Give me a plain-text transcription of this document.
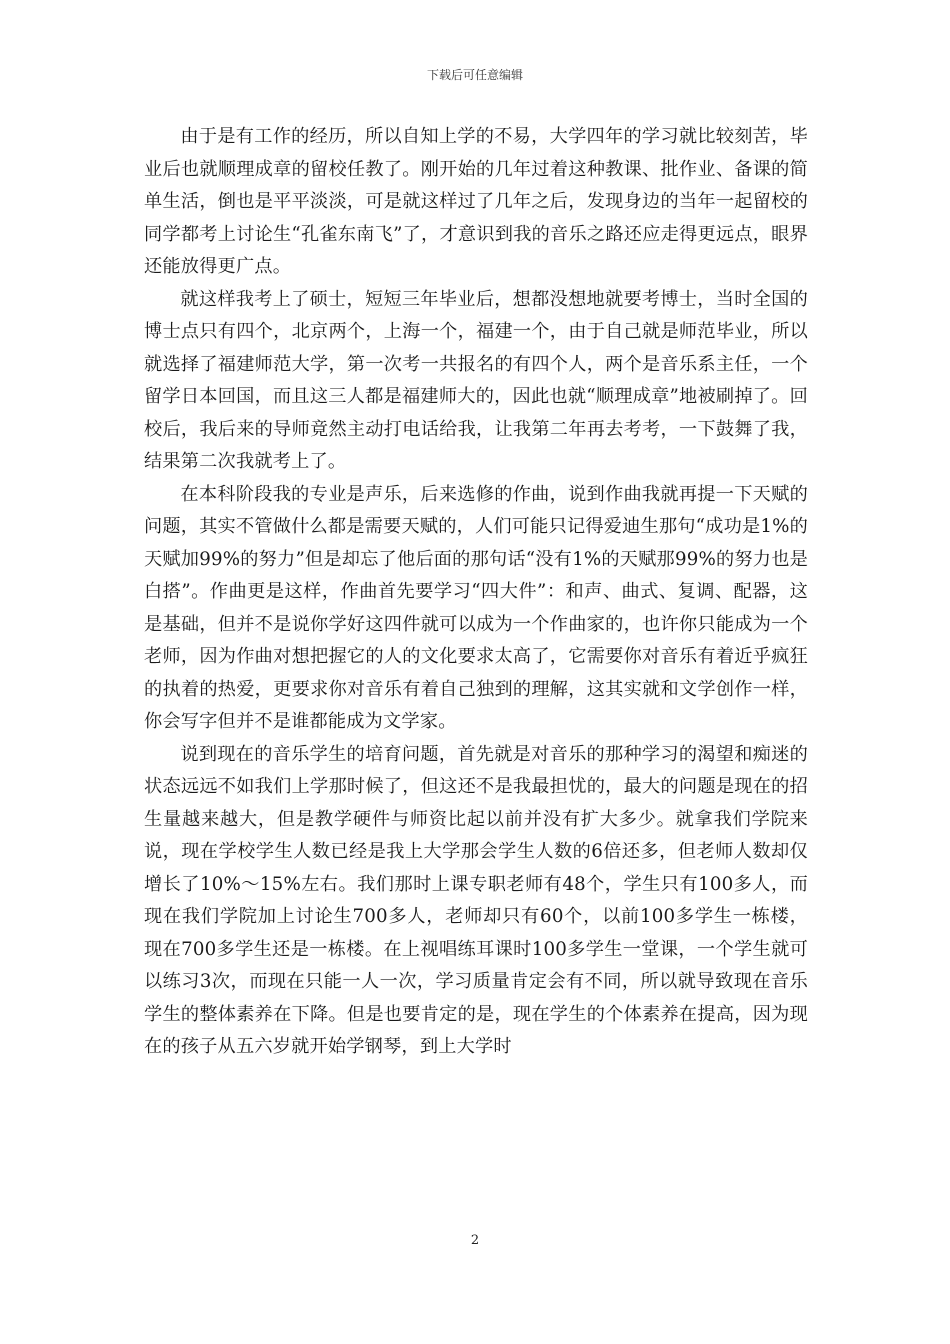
下载后可任意编辑

由于是有工作的经历，所以自知上学的不易，大学四年的学习就比较刻苦，毕业后也就顺理成章的留校任教了。刚开始的几年过着这种教课、批作业、备课的简单生活，倒也是平平淡淡，可是就这样过了几年之后，发现身边的当年一起留校的同学都考上讨论生“孔雀东南飞”了，才意识到我的音乐之路还应走得更远点，眼界还能放得更广点。

就这样我考上了硕士，短短三年毕业后，想都没想地就要考博士，当时全国的博士点只有四个，北京两个，上海一个，福建一个，由于自己就是师范毕业，所以就选择了福建师范大学，第一次考一共报名的有四个人，两个是音乐系主任，一个留学日本回国，而且这三人都是福建师大的，因此也就“顺理成章”地被刷掉了。回校后，我后来的导师竟然主动打电话给我，让我第二年再去考考，一下鼓舞了我，结果第二次我就考上了。

在本科阶段我的专业是声乐，后来选修的作曲，说到作曲我就再提一下天赋的问题，其实不管做什么都是需要天赋的，人们可能只记得爱迪生那句“成功是1%的天赋加99%的努力”但是却忘了他后面的那句话“没有1%的天赋那99%的努力也是白搭”。作曲更是这样，作曲首先要学习“四大件”：和声、曲式、复调、配器，这是基础，但并不是说你学好这四件就可以成为一个作曲家的，也许你只能成为一个老师，因为作曲对想把握它的人的文化要求太高了，它需要你对音乐有着近乎疯狂的执着的热爱，更要求你对音乐有着自己独到的理解，这其实就和文学创作一样，你会写字但并不是谁都能成为文学家。

说到现在的音乐学生的培育问题，首先就是对音乐的那种学习的渴望和痴迷的状态远远不如我们上学那时候了，但这还不是我最担忧的，最大的问题是现在的招生量越来越大，但是教学硬件与师资比起以前并没有扩大多少。就拿我们学院来说，现在学校学生人数已经是我上大学那会学生人数的6倍还多，但老师人数却仅增长了10%～15%左右。我们那时上课专职老师有48个，学生只有100多人，而现在我们学院加上讨论生700多人，老师却只有60个，以前100多学生一栋楼，现在700多学生还是一栋楼。在上视唱练耳课时100多学生一堂课，一个学生就可以练习3次，而现在只能一人一次，学习质量肯定会有不同，所以就导致现在音乐学生的整体素养在下降。但是也要肯定的是，现在学生的个体素养在提高，因为现在的孩子从五六岁就开始学钢琴，到上大学时

2
